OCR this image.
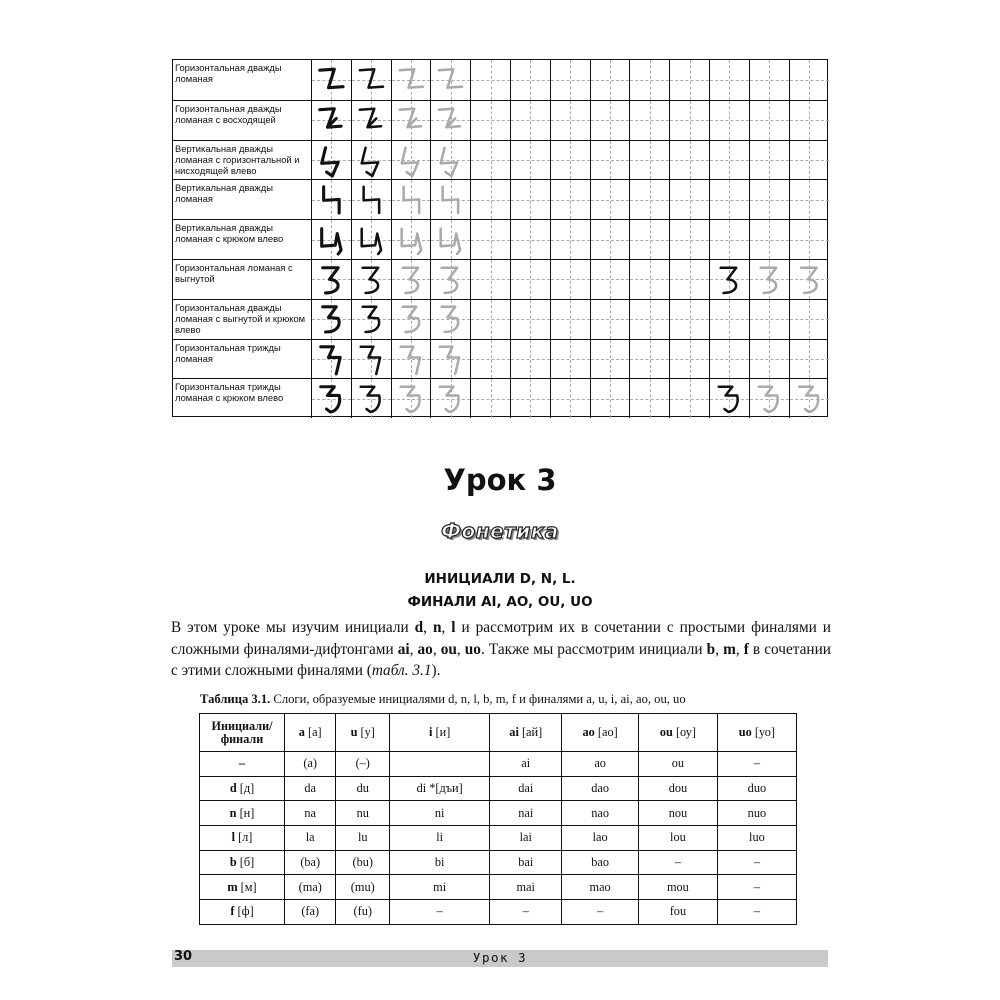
Горизонтальная дважды ломаная
Горизонтальная дважды ломаная с восходящей
Вертикальная дважды ломаная с горизонтальной и нисходящей влево
Вертикальная дважды ломаная
Вертикальная дважды ломаная с крюком влево
Горизонтальная ломаная с выгнутой
Горизонтальная дважды ломаная с выгнутой и крюком влево
Горизонтальная трижды ломаная
Горизонтальная трижды ломаная с крюком влево
Урок 3
Фонетика
ИНИЦИАЛИ D, N, L.
ФИНАЛИ AI, AO, OU, UO

В этом уроке мы изучим инициали d, n, l и рассмотрим их в сочетании с простыми финалями и сложными финалями-дифтонгами ai, ao, ou, uo. Также мы рассмотрим инициали b, m, f в сочетании с этими сложными финалями (табл. 3.1).

Таблица 3.1. Слоги, образуемые инициалями d, n, l, b, m, f и финалями a, u, i, ai, ao, ou, uo
Инициали/ финали	a [а]	u [у]	i [и]	ai [ай]	ao [ао]	ou [оу]	uo [уо]
–	(a)	(–)		ai	ao	ou	–
d [д]	da	du	di *[дъи]	dai	dao	dou	duo
n [н]	na	nu	ni	nai	nao	nou	nuo
l [л]	la	lu	li	lai	lao	lou	luo
b [б]	(ba)	(bu)	bi	bai	bao	–	–
m [м]	(ma)	(mu)	mi	mai	mao	mou	–
f [ф]	(fa)	(fu)	–	–	–	fou	–
30	Урок 3
